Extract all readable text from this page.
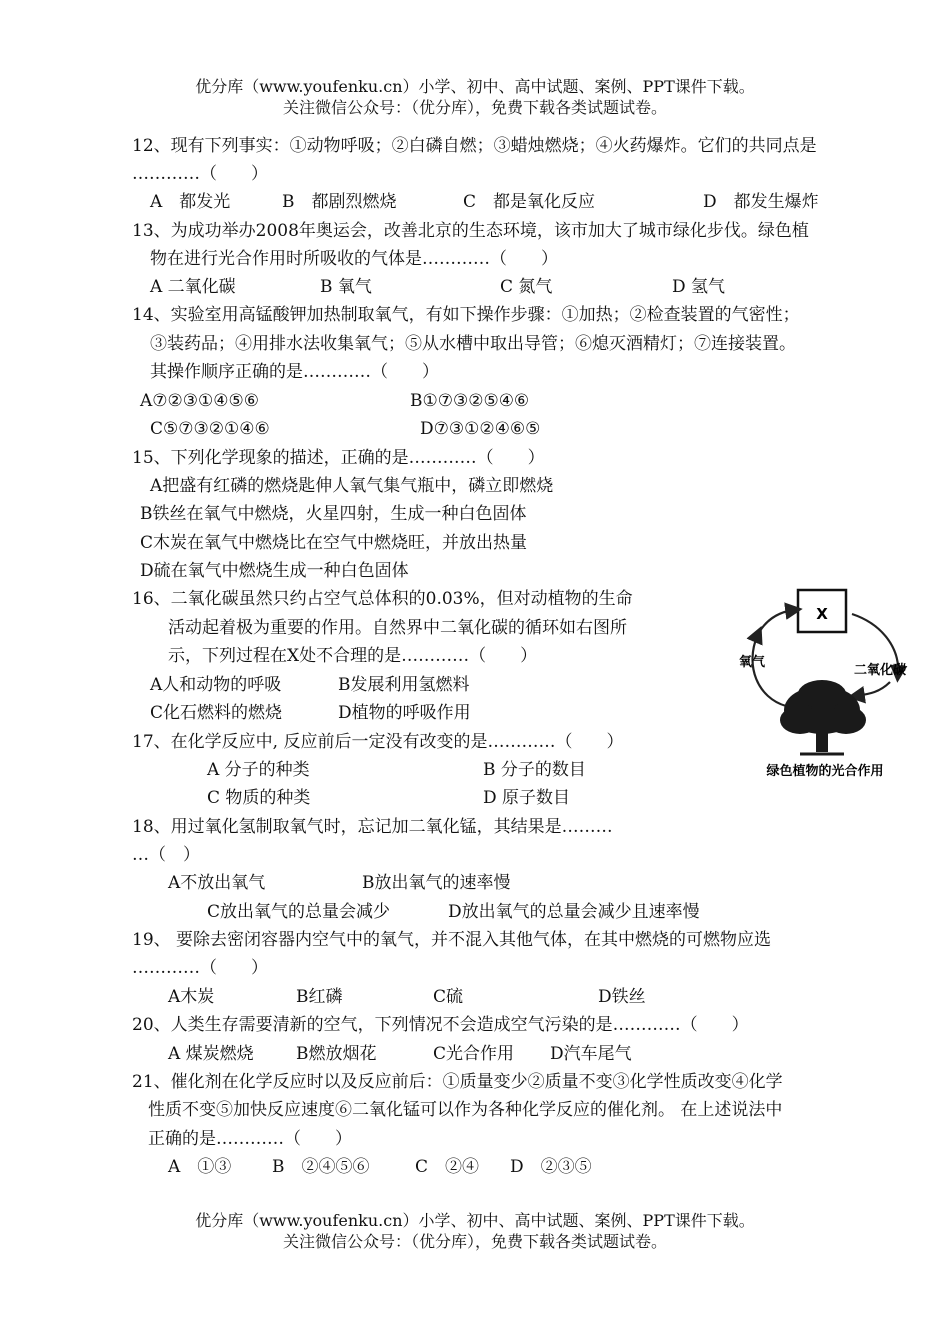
优分库（www.youfenku.cn）小学、初中、高中试题、案例、PPT课件下载。
关注微信公众号：（优分库），免费下载各类试题试卷。
12、现有下列事实：①动物呼吸；②白磷自燃；③蜡烛燃烧；④火药爆炸。它们的共同点是
…………（　　）
A　都发光	B　都剧烈燃烧	C　都是氧化反应	D　都发生爆炸
13、为成功举办2008年奥运会，改善北京的生态环境，该市加大了城市绿化步伐。绿色植
物在进行光合作用时所吸收的气体是…………（　　）
A 二氧化碳	B 氧气	C 氮气	D 氢气
14、实验室用高锰酸钾加热制取氧气，有如下操作步骤：①加热；②检查装置的气密性；
③装药品；④用排水法收集氧气；⑤从水槽中取出导管；⑥熄灭酒精灯；⑦连接装置。
其操作顺序正确的是…………（　　）
A⑦②③①④⑤⑥	B①⑦③②⑤④⑥
C⑤⑦③②①④⑥	D⑦③①②④⑥⑤
15、下列化学现象的描述，正确的是…………（　　）
A把盛有红磷的燃烧匙伸人氧气集气瓶中，磷立即燃烧
B铁丝在氧气中燃烧，火星四射，生成一种白色固体
C木炭在氧气中燃烧比在空气中燃烧旺，并放出热量
D硫在氧气中燃烧生成一种白色固体
16、二氧化碳虽然只约占空气总体积的0.03%，但对动植物的生命
活动起着极为重要的作用。自然界中二氧化碳的循环如右图所
示，下列过程在X处不合理的是…………（　　）
A人和动物的呼吸	B发展利用氢燃料
C化石燃料的燃烧	D植物的呼吸作用
X
氧气
二氧化碳
绿色植物的光合作用
17、在化学反应中, 反应前后一定没有改变的是…………（　　）
A 分子的种类	B 分子的数目
C 物质的种类	D 原子数目
18、用过氧化氢制取氧气时，忘记加二氧化锰，其结果是………
…（　）
A不放出氧气	B放出氧气的速率慢
C放出氧气的总量会减少	D放出氧气的总量会减少且速率慢
19、 要除去密闭容器内空气中的氧气，并不混入其他气体，在其中燃烧的可燃物应选
…………（　　）
A木炭	B红磷	C硫	D铁丝
20、人类生存需要清新的空气，下列情况不会造成空气污染的是…………（　　）
A 煤炭燃烧 B燃放烟花	C光合作用 D汽车尾气
21、催化剂在化学反应时以及反应前后：①质量变少②质量不变③化学性质改变④化学
性质不变⑤加快反应速度⑥二氧化锰可以作为各种化学反应的催化剂。 在上述说法中
正确的是…………（　　）
A　①③ B　②④⑤⑥	C　②④ D　②③⑤
优分库（www.youfenku.cn）小学、初中、高中试题、案例、PPT课件下载。
关注微信公众号：（优分库），免费下载各类试题试卷。
